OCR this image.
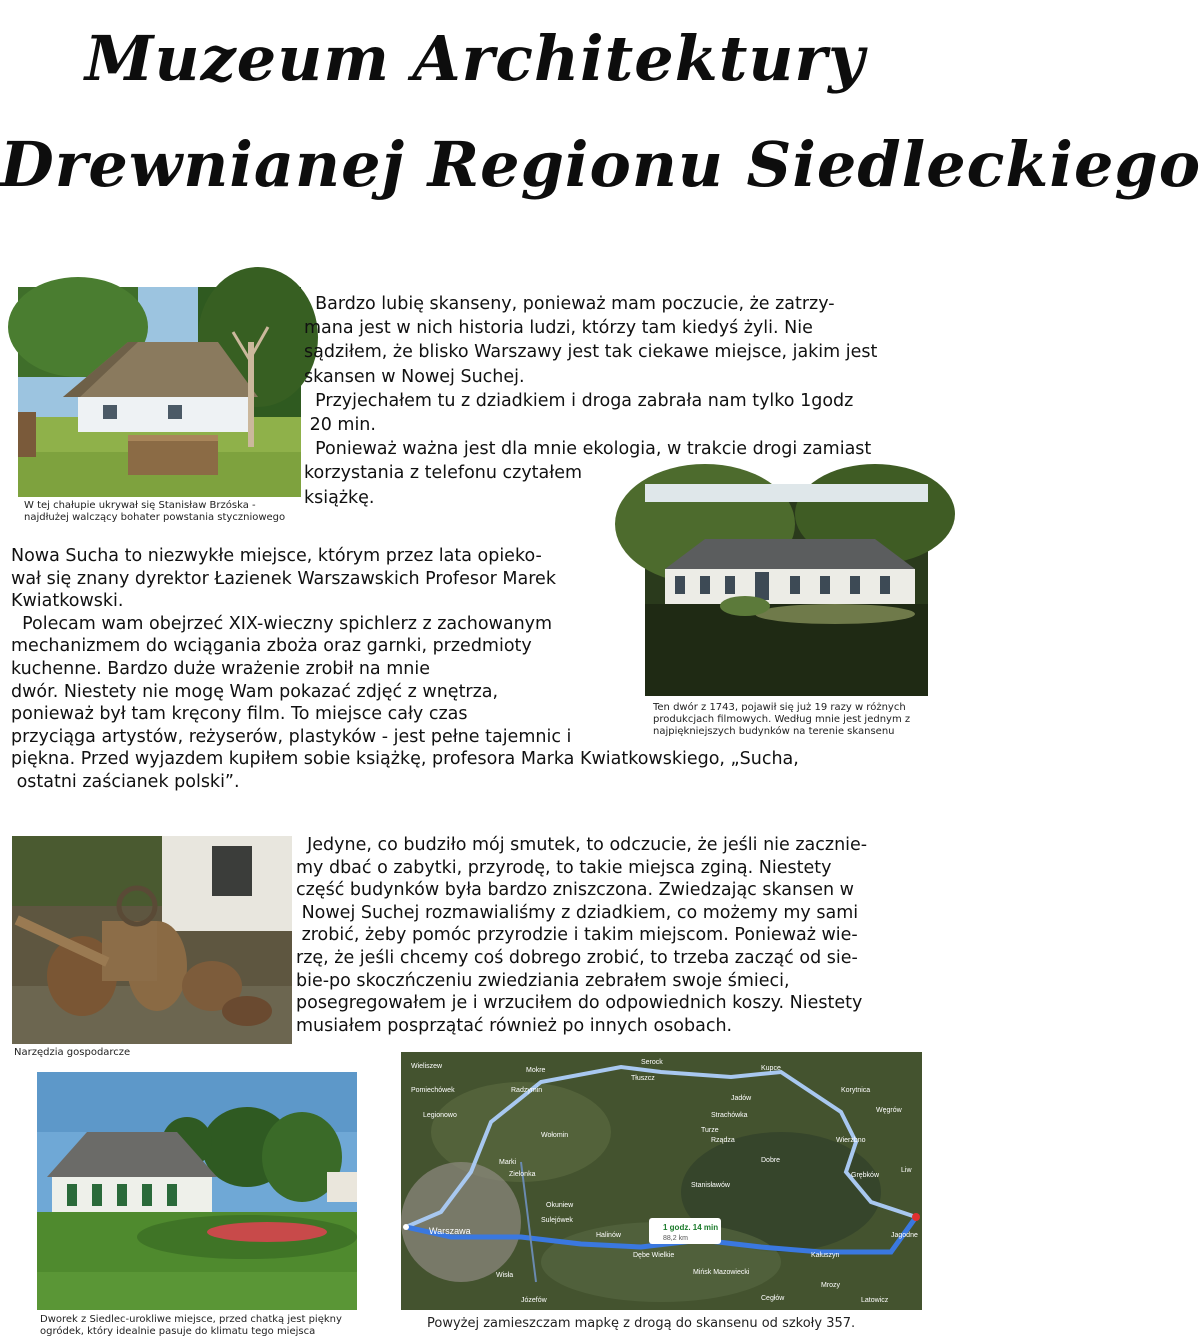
Muzeum Architektury
Drewnianej Regionu Siedleckiego
W tej chałupie ukrywał się Stanisław Brzóska -
najdłużej walczący bohater powstania styczniowego
Bardzo lubię skanseny, ponieważ mam poczucie, że zatrzy-
mana jest w nich historia ludzi, którzy tam kiedyś żyli. Nie
sądziłem, że blisko Warszawy jest tak ciekawe miejsce, jakim jest
skansen w Nowej Suchej.
Przyjechałem tu z dziadkiem i droga zabrała nam tylko 1godz
20 min.
Ponieważ ważna jest dla mnie ekologia, w trakcie drogi zamiast
korzystania z telefonu czytałem
książkę.
Ten dwór z 1743, pojawił się już 19 razy w różnych
produkcjach filmowych. Według mnie jest jednym z
najpiękniejszych budynków na terenie skansenu
Nowa Sucha to niezwykłe miejsce, którym przez lata opieko-
wał się znany dyrektor Łazienek Warszawskich Profesor Marek
Kwiatkowski.
Polecam wam obejrzeć XIX-wieczny spichlerz z zachowanym
mechanizmem do wciągania zboża oraz garnki, przedmioty
kuchenne. Bardzo duże wrażenie zrobił na mnie
dwór. Niestety nie mogę Wam pokazać zdjęć z wnętrza,
ponieważ był tam kręcony film. To miejsce cały czas
przyciąga artystów, reżyserów, plastyków - jest pełne tajemnic i
piękna. Przed wyjazdem kupiłem sobie książkę, profesora Marka Kwiatkowskiego, „Sucha,
ostatni zaścianek polski”.
Narzędzia gospodarcze
Jedyne, co budziło mój smutek, to odczucie, że jeśli nie zacznie-
my dbać o zabytki, przyrodę, to takie miejsca zginą. Niestety
część budynków była bardzo zniszczona. Zwiedzając skansen w
Nowej Suchej rozmawialiśmy z dziadkiem, co możemy my sami
zrobić, żeby pomóc przyrodzie i takim miejscom. Ponieważ wie-
rzę, że jeśli chcemy coś dobrego zrobić, to trzeba zacząć od sie-
bie-po skoczńczeniu zwiedziania zebrałem swoje śmieci,
posegregowałem je i wrzuciłem do odpowiednich koszy. Niestety
musiałem posprzątać również po innych osobach.
Dworek z Siedlec-urokliwe miejsce, przed chatką jest piękny
ogródek, który idealnie pasuje do klimatu tego miejsca
Warszawa
Marki
Zielonka
Wołomin
Radzymin
Legionowo
Tłuszcz
Mińsk Mazowiecki
Kałuszyn
Halinów
Dębe Wielkie
Józefów
Stanisławów
Węgrów
Kupce
Jadów
Grębków
Jagodne
Mrozy
Cegłów
Dobre
Strachówka
Korytnica
Wierzbno
Okuniew
Sulejówek
Wisła
Mokre
Wieliszew
Pomiechówek
Serock
Latowicz
Liw
Rządza
Turze
1 godz. 14 min
88,2 km
Powyżej zamieszczam mapkę z drogą do skansenu od szkoły 357.
